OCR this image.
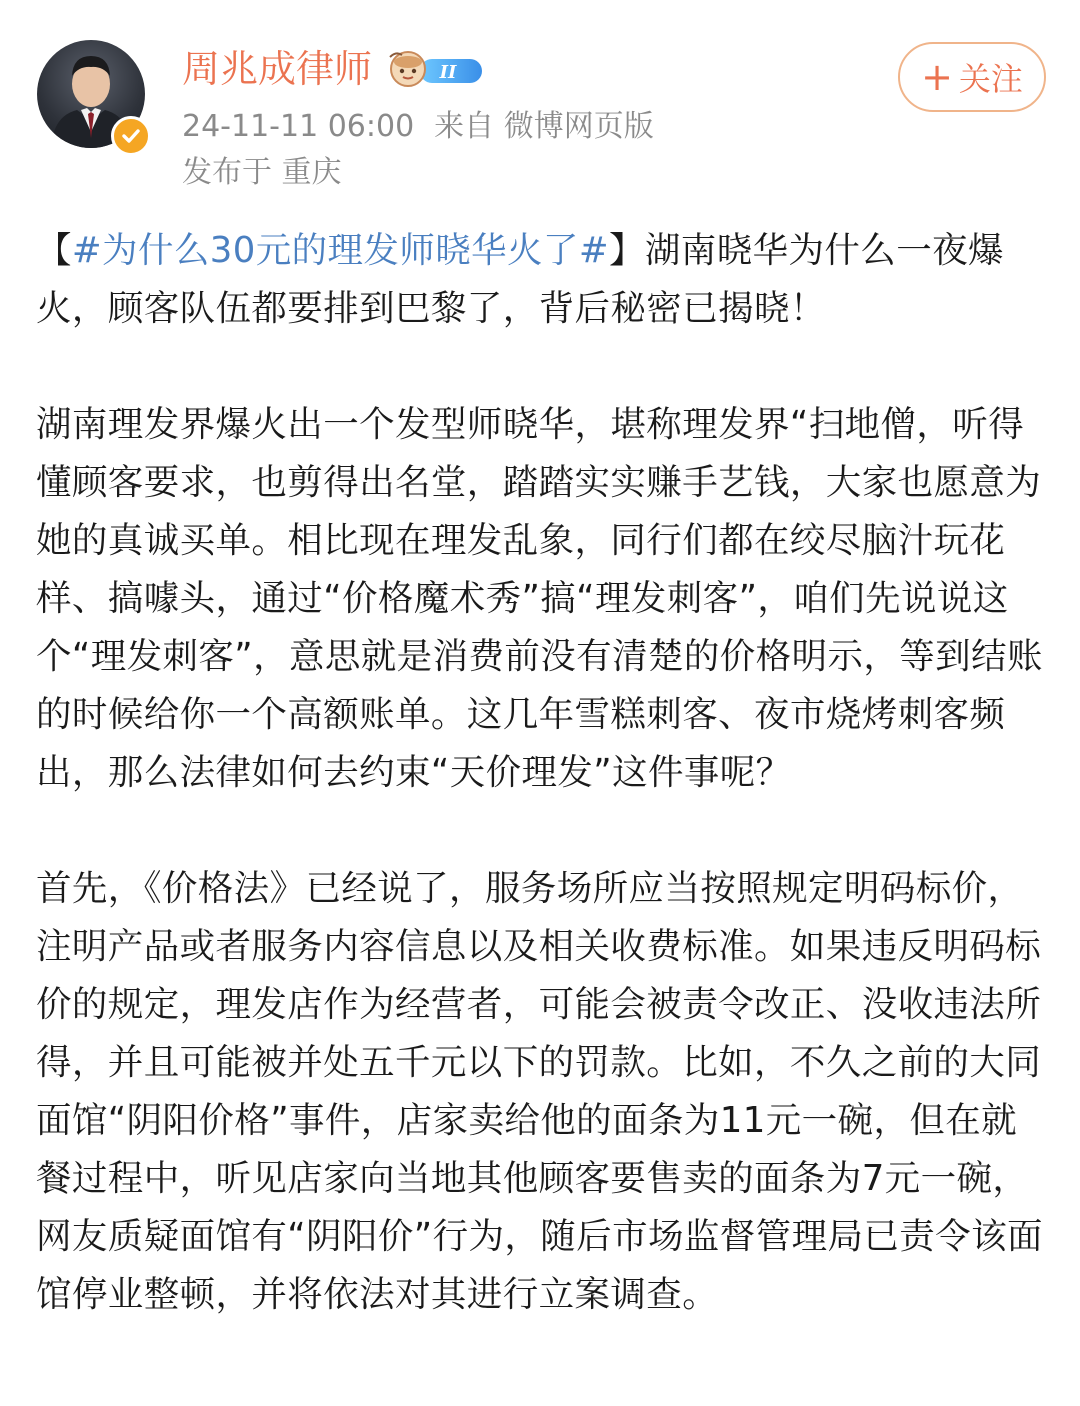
周兆成律师	II
24-11-11 06:00 来自 微博网页版
发布于 重庆
+ 关注

【#为什么30元的理发师晓华火了#】湖南晓华为什么一夜爆火，顾客队伍都要排到巴黎了，背后秘密已揭晓！

湖南理发界爆火出一个发型师晓华，堪称理发界“扫地僧，听得懂顾客要求，也剪得出名堂，踏踏实实赚手艺钱，大家也愿意为她的真诚买单。相比现在理发乱象，同行们都在绞尽脑汁玩花样、搞噱头，通过“价格魔术秀”搞“理发刺客”，咱们先说说这个“理发刺客”，意思就是消费前没有清楚的价格明示，等到结账的时候给你一个高额账单。这几年雪糕刺客、夜市烧烤刺客频出，那么法律如何去约束“天价理发”这件事呢？

首先，《价格法》已经说了，服务场所应当按照规定明码标价，注明产品或者服务内容信息以及相关收费标准。如果违反明码标价的规定，理发店作为经营者，可能会被责令改正、没收违法所得，并且可能被并处五千元以下的罚款。比如，不久之前的大同面馆“阴阳价格”事件，店家卖给他的面条为11元一碗，但在就餐过程中，听见店家向当地其他顾客要售卖的面条为7元一碗，网友质疑面馆有“阴阳价”行为，随后市场监督管理局已责令该面馆停业整顿，并将依法对其进行立案调查。
